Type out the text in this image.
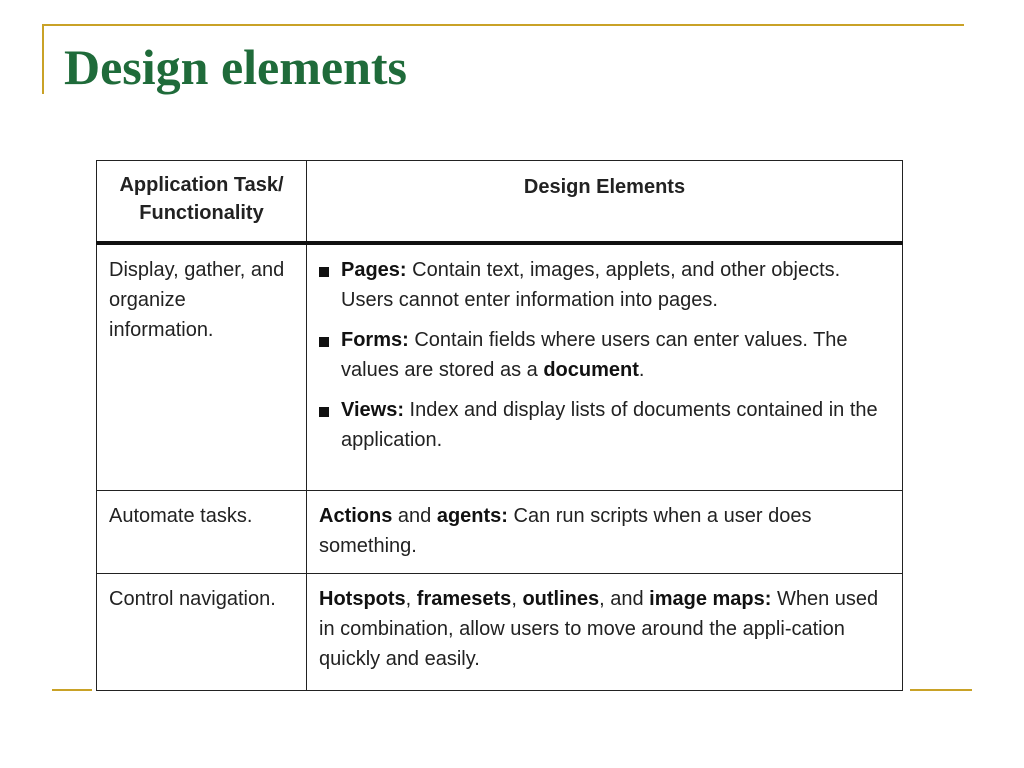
Design elements
Application Task/ Functionality	Design Elements
Display, gather, and organize information.	Pages: Contain text, images, applets, and other objects. Users cannot enter information into pages.

Forms: Contain fields where users can enter values. The values are stored as a document.

Views: Index and display lists of documents contained in the application.

Automate tasks.	Actions and agents: Can run scripts when a user does something.

Control navigation.	Hotspots, framesets, outlines, and image maps: When used in combination, allow users to move around the appli-cation quickly and easily.
